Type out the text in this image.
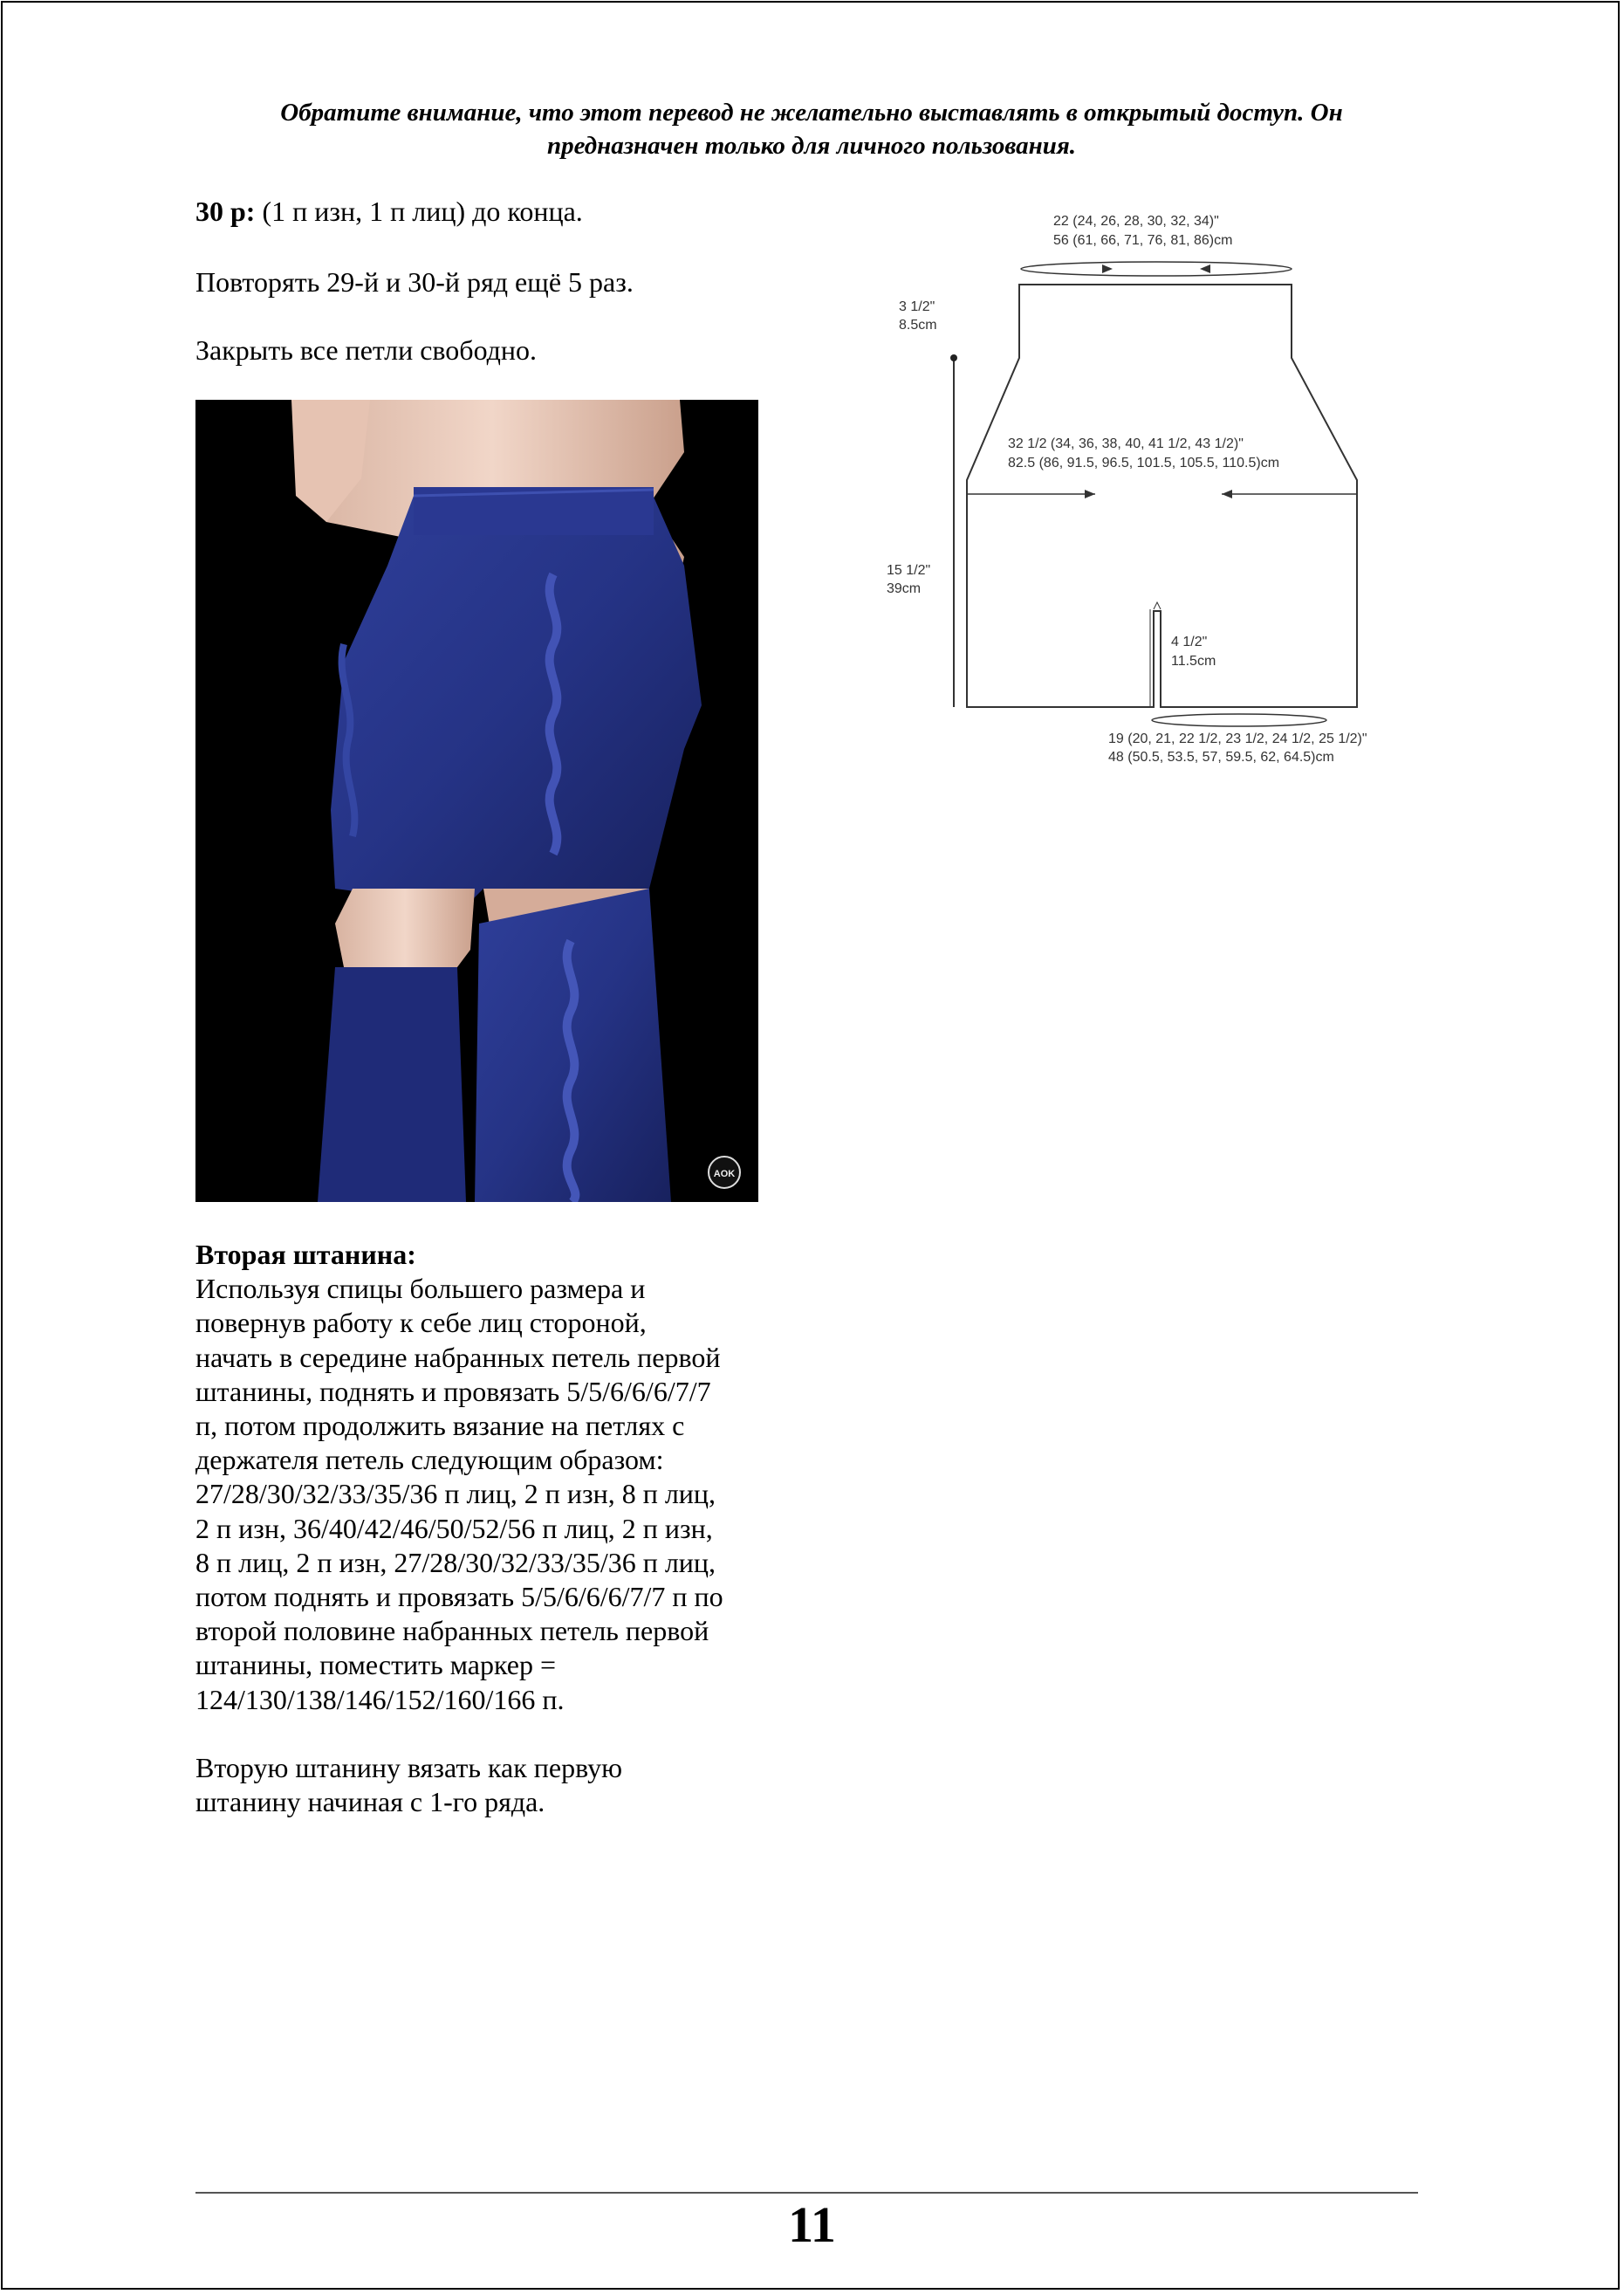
Обратите внимание, что этот перевод не желательно выставлять в открытый доступ. Он
предназначен только для личного пользования.
30 р: (1 п изн, 1 п лиц) до конца.
Повторять 29-й и 30-й ряд ещё 5 раз.
Закрыть все петли свободно.
AOK
22 (24, 26, 28, 30, 32, 34)"
56 (61, 66, 71, 76, 81, 86)cm
3 1/2"
8.5cm
32 1/2 (34, 36, 38, 40, 41 1/2, 43 1/2)"
82.5 (86, 91.5, 96.5, 101.5, 105.5, 110.5)cm
15 1/2"
39cm
4 1/2"
11.5cm
19 (20, 21, 22 1/2, 23 1/2, 24 1/2, 25 1/2)"
48 (50.5, 53.5, 57, 59.5, 62, 64.5)cm
Вторая штанина:
Используя спицы большего размера и
повернув работу к себе лиц стороной,
начать в середине набранных петель первой
штанины, поднять и провязать 5/5/6/6/6/7/7
п, потом продолжить вязание на петлях с
держателя петель следующим образом:
27/28/30/32/33/35/36 п лиц, 2 п изн, 8 п лиц,
2 п изн, 36/40/42/46/50/52/56 п лиц, 2 п изн,
8 п лиц, 2 п изн, 27/28/30/32/33/35/36 п лиц,
потом поднять и провязать 5/5/6/6/6/7/7 п по
второй половине набранных петель первой
штанины, поместить маркер =
124/130/138/146/152/160/166 п.
Вторую штанину вязать как первую
штанину начиная с 1-го ряда.
11
